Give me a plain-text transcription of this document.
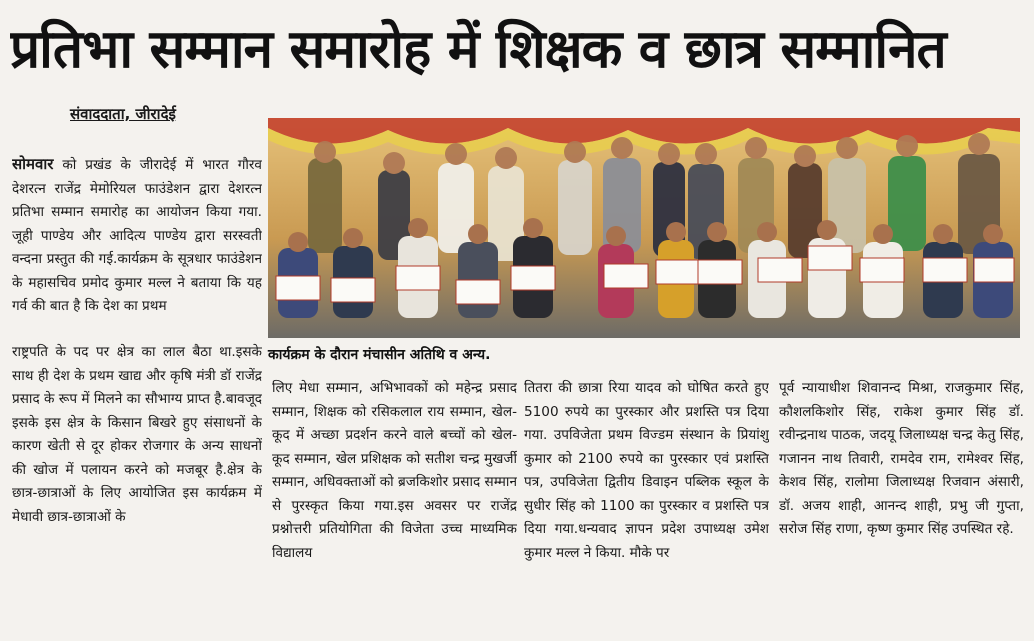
प्रतिभा सम्मान समारोह में शिक्षक व छात्र सम्मानित
संवाददाता, जीरादेई
कार्यक्रम के दौरान मंचासीन अतिथि व अन्य.

सोमवार को प्रखंड के जीरादेई में भारत गौरव देशरत्न राजेंद्र मेमोरियल फाउंडेशन द्वारा देशरत्न प्रतिभा सम्मान समारोह का आयोजन किया गया. जूही पाण्डेय और आदित्य पाण्डेय द्वारा सरस्वती वन्दना प्रस्तुत की गई.कार्यक्रम के सूत्रधार फाउंडेशन के महासचिव प्रमोद कुमार मल्ल ने बताया कि यह गर्व की बात है कि देश का प्रथम

राष्ट्रपति के पद पर क्षेत्र का लाल बैठा था.इसके साथ ही देश के प्रथम खाद्य और कृषि मंत्री डॉ राजेंद्र प्रसाद के रूप में मिलने का सौभाग्य प्राप्त है.बावजूद इसके इस क्षेत्र के किसान बिखरे हुए संसाधनों के कारण खेती से दूर होकर रोजगार के अन्य साधनों की खोज में पलायन करने को मजबूर है.क्षेत्र के छात्र-छात्राओं के लिए आयोजित इस कार्यक्रम में मेधावी छात्र-छात्राओं के

लिए मेधा सम्मान, अभिभावकों को महेन्द्र प्रसाद सम्मान, शिक्षक को रसिकलाल राय सम्मान, खेल-कूद में अच्छा प्रदर्शन करने वाले बच्चों को खेल-कूद सम्मान, खेल प्रशिक्षक को सतीश चन्द्र मुखर्जी सम्मान, अधिवक्ताओं को ब्रजकिशोर प्रसाद सम्मान से पुरस्कृत किया गया.इस अवसर पर राजेंद्र प्रश्नोत्तरी प्रतियोगिता की विजेता उच्च माध्यमिक विद्यालय

तितरा की छात्रा रिया यादव को घोषित करते हुए 5100 रुपये का पुरस्कार और प्रशस्ति पत्र दिया गया. उपविजेता प्रथम विज्डम संस्थान के प्रियांशु कुमार को 2100 रुपये का पुरस्कार एवं प्रशस्ति पत्र, उपविजेता द्वितीय डिवाइन पब्लिक स्कूल के सुधीर सिंह को 1100 का पुरस्कार व प्रशस्ति पत्र दिया गया.धन्यवाद ज्ञापन प्रदेश उपाध्यक्ष उमेश कुमार मल्ल ने किया. मौके पर

पूर्व न्यायाधीश शिवानन्द मिश्रा, राजकुमार सिंह, कौशलकिशोर सिंह, राकेश कुमार सिंह डॉ. रवीन्द्रनाथ पाठक, जदयू जिलाध्यक्ष चन्द्र केतु सिंह, गजानन नाथ तिवारी, रामदेव राम, रामेश्वर सिंह, केशव सिंह, रालोमा जिलाध्यक्ष रिजवान अंसारी, डॉ. अजय शाही, आनन्द शाही, प्रभु जी गुप्ता, सरोज सिंह राणा, कृष्ण कुमार सिंह उपस्थित रहे.
